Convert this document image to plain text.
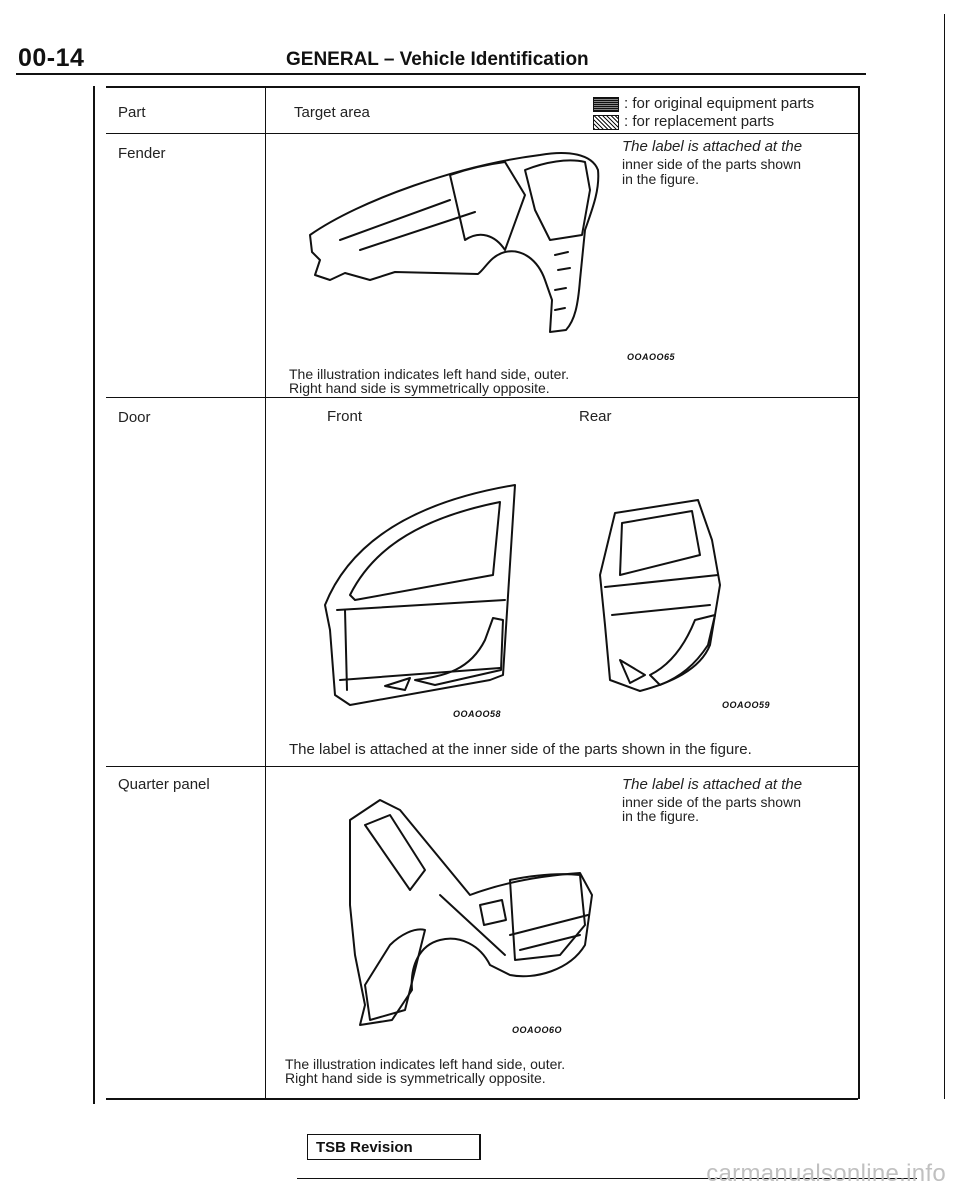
00-14	GENERAL – Vehicle Identification
Part	Target area
: for original equipment parts
: for replacement parts
Fender	The label is attached at the
inner side of the parts shown
in the figure.
OOAOO65
The illustration indicates left hand side, outer.
Right hand side is symmetrically opposite.
Door	Front	Rear
OOAOO58
OOAOO59
The label is attached at the inner side of the parts shown in the figure.
Quarter panel	The label is attached at the
inner side of the parts shown
in the figure.
OOAOO6O
The illustration indicates left hand side, outer.
Right hand side is symmetrically opposite.
TSB Revision
carmanualsonline.info
